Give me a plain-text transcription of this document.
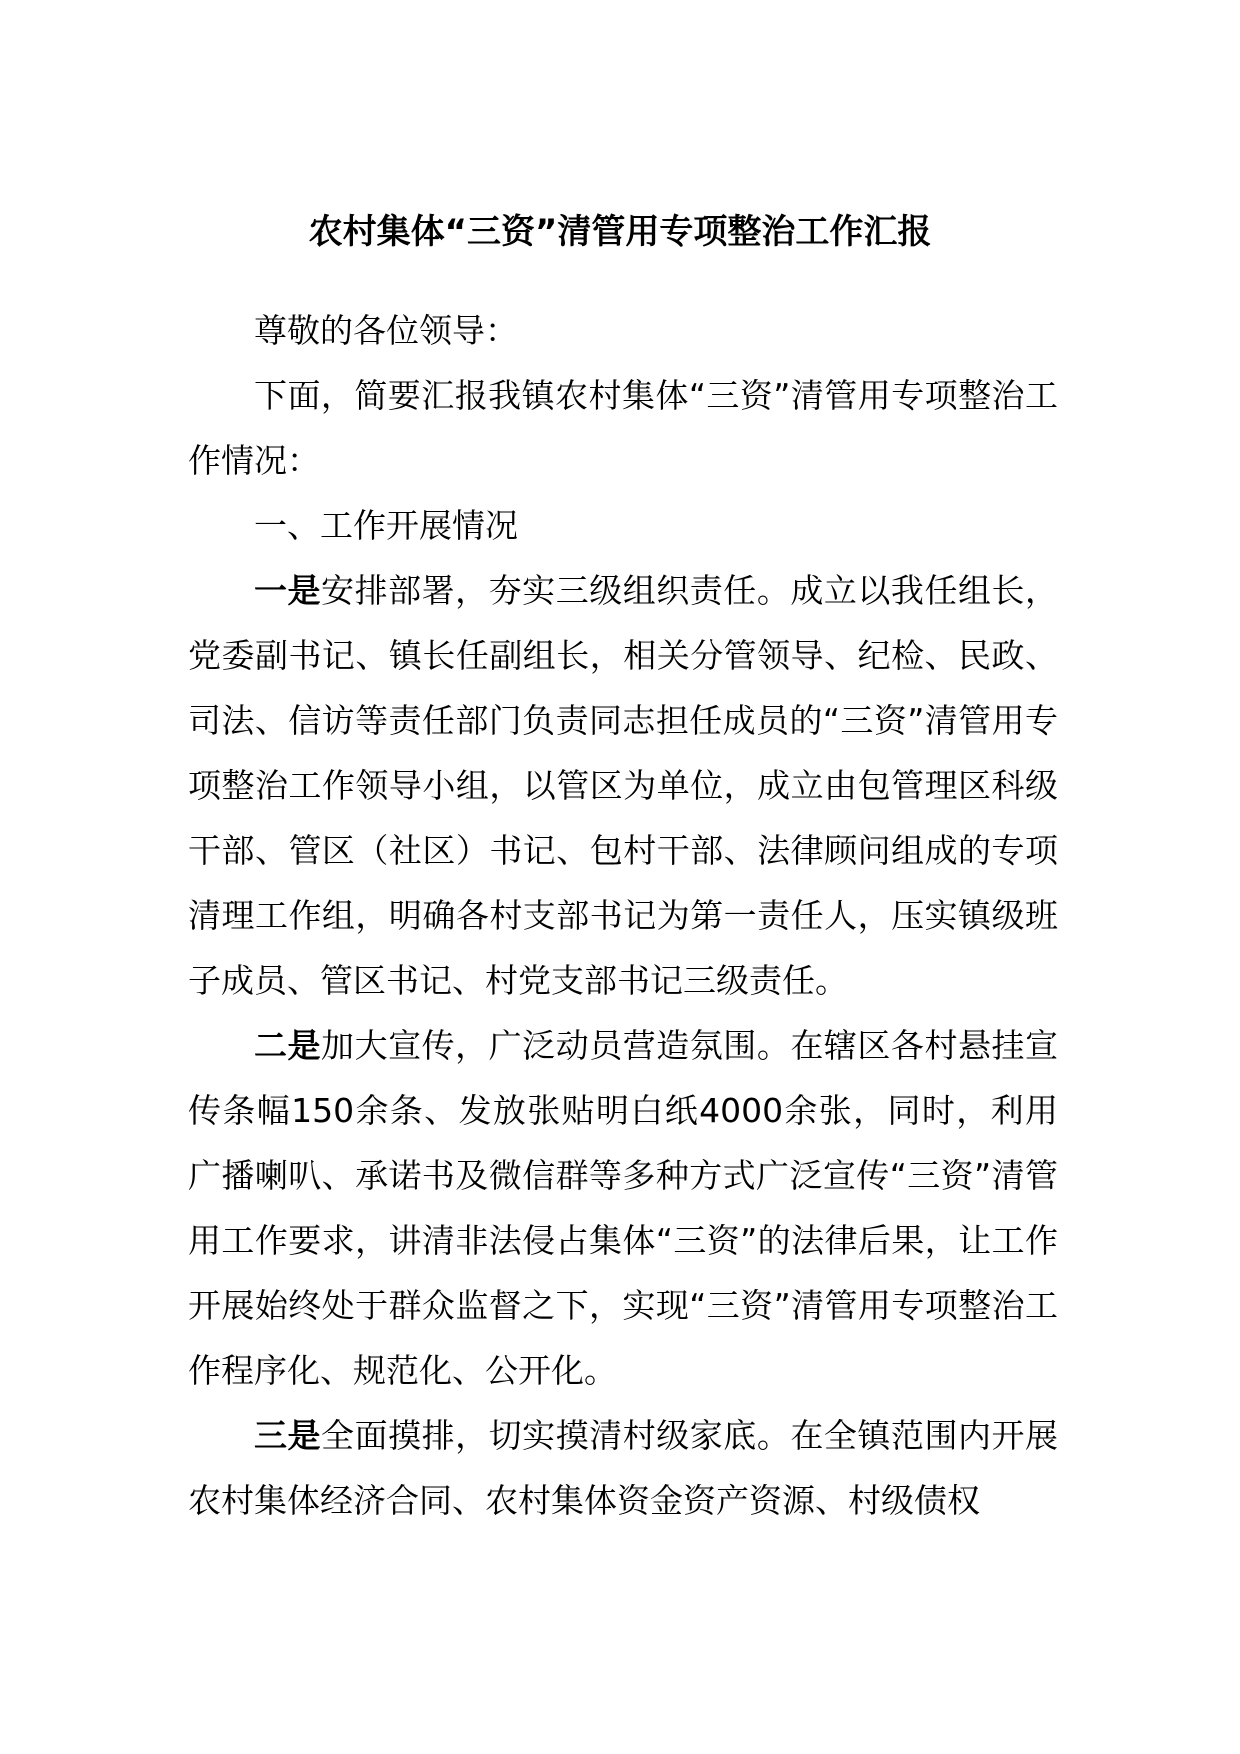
农村集体“三资”清管用专项整治工作汇报

尊敬的各位领导：

下面，简要汇报我镇农村集体“三资”清管用专项整治工作情况：

一、工作开展情况

一是安排部署，夯实三级组织责任。成立以我任组长，党委副书记、镇长任副组长，相关分管领导、纪检、民政、司法、信访等责任部门负责同志担任成员的“三资”清管用专项整治工作领导小组，以管区为单位，成立由包管理区科级干部、管区（社区）书记、包村干部、法律顾问组成的专项清理工作组，明确各村支部书记为第一责任人，压实镇级班子成员、管区书记、村党支部书记三级责任。

二是加大宣传，广泛动员营造氛围。在辖区各村悬挂宣传条幅150余条、发放张贴明白纸4000余张，同时，利用广播喇叭、承诺书及微信群等多种方式广泛宣传“三资”清管用工作要求，讲清非法侵占集体“三资”的法律后果，让工作开展始终处于群众监督之下，实现“三资”清管用专项整治工作程序化、规范化、公开化。

三是全面摸排，切实摸清村级家底。在全镇范围内开展农村集体经济合同、农村集体资金资产资源、村级债权
